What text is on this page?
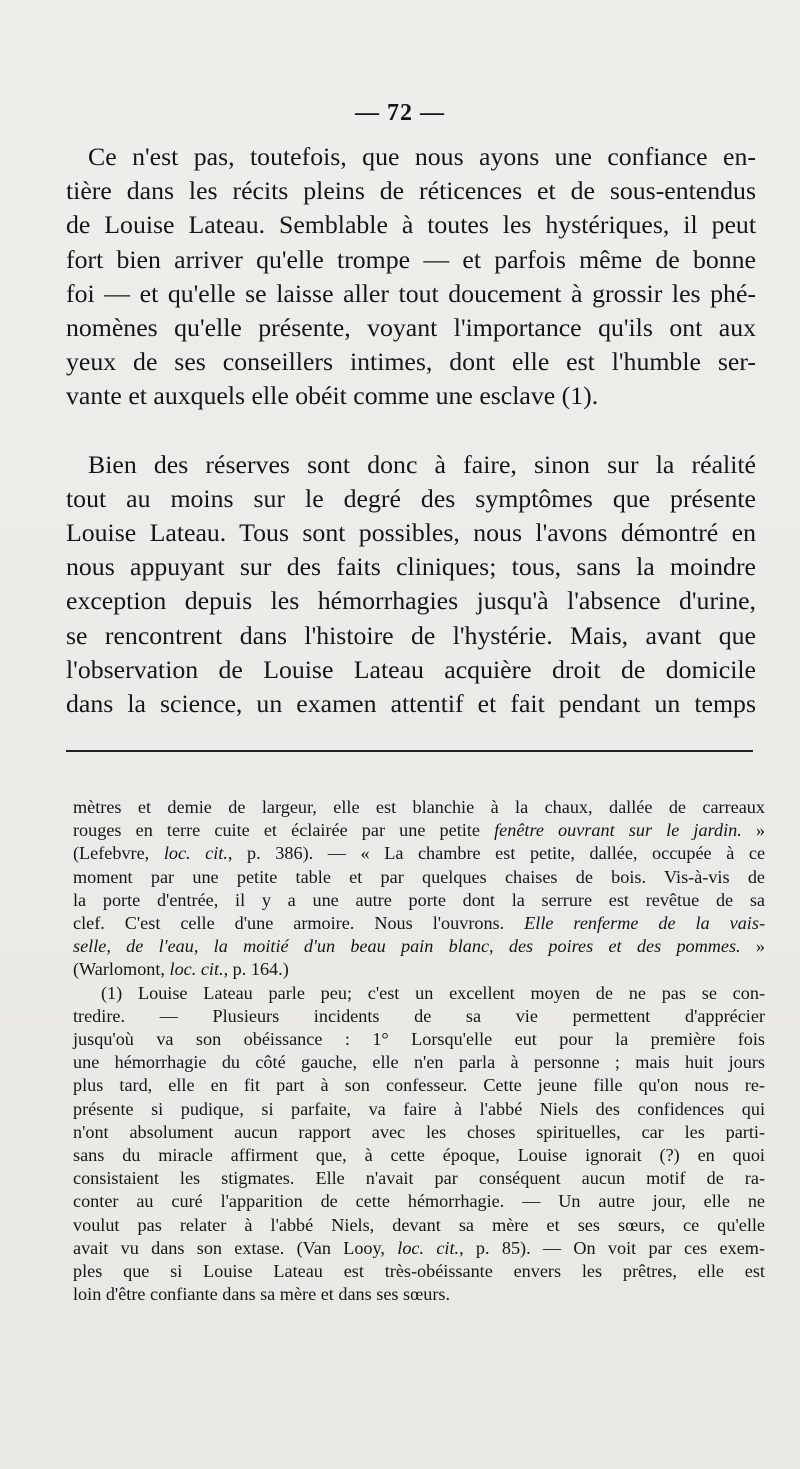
— 72 —
Ce n'est pas, toutefois, que nous ayons une confiance en-
tière dans les récits pleins de réticences et de sous-entendus
de Louise Lateau. Semblable à toutes les hystériques, il peut
fort bien arriver qu'elle trompe — et parfois même de bonne
foi — et qu'elle se laisse aller tout doucement à grossir les phé-
nomènes qu'elle présente, voyant l'importance qu'ils ont aux
yeux de ses conseillers intimes, dont elle est l'humble ser-
vante et auxquels elle obéit comme une esclave (1).
Bien des réserves sont donc à faire, sinon sur la réalité
tout au moins sur le degré des symptômes que présente
Louise Lateau. Tous sont possibles, nous l'avons démontré en
nous appuyant sur des faits cliniques; tous, sans la moindre
exception depuis les hémorrhagies jusqu'à l'absence d'urine,
se rencontrent dans l'histoire de l'hystérie. Mais, avant que
l'observation de Louise Lateau acquière droit de domicile
dans la science, un examen attentif et fait pendant un temps
mètres et demie de largeur, elle est blanchie à la chaux, dallée de carreaux
rouges en terre cuite et éclairée par une petite fenêtre ouvrant sur le jardin. »
(Lefebvre, loc. cit., p. 386). — « La chambre est petite, dallée, occupée à ce
moment par une petite table et par quelques chaises de bois. Vis-à-vis de
la porte d'entrée, il y a une autre porte dont la serrure est revêtue de sa
clef. C'est celle d'une armoire. Nous l'ouvrons. Elle renferme de la vais-
selle, de l'eau, la moitié d'un beau pain blanc, des poires et des pommes. »
(Warlomont, loc. cit., p. 164.)
(1) Louise Lateau parle peu; c'est un excellent moyen de ne pas se con-
tredire. — Plusieurs incidents de sa vie permettent d'apprécier
jusqu'où va son obéissance : 1° Lorsqu'elle eut pour la première fois
une hémorrhagie du côté gauche, elle n'en parla à personne ; mais huit jours
plus tard, elle en fit part à son confesseur. Cette jeune fille qu'on nous re-
présente si pudique, si parfaite, va faire à l'abbé Niels des confidences qui
n'ont absolument aucun rapport avec les choses spirituelles, car les parti-
sans du miracle affirment que, à cette époque, Louise ignorait (?) en quoi
consistaient les stigmates. Elle n'avait par conséquent aucun motif de ra-
conter au curé l'apparition de cette hémorrhagie. — Un autre jour, elle ne
voulut pas relater à l'abbé Niels, devant sa mère et ses sœurs, ce qu'elle
avait vu dans son extase. (Van Looy, loc. cit., p. 85). — On voit par ces exem-
ples que si Louise Lateau est très-obéissante envers les prêtres, elle est
loin d'être confiante dans sa mère et dans ses sœurs.
